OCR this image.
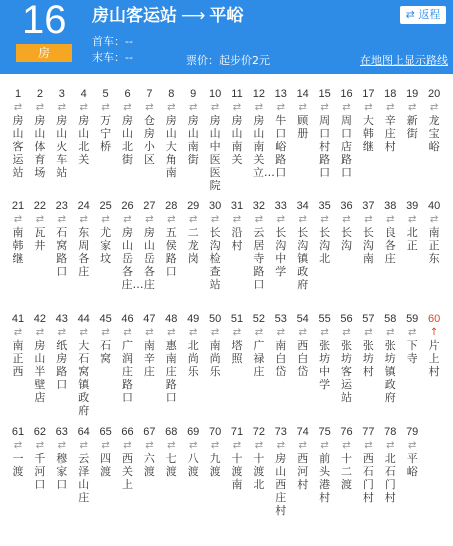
16
房
房山客运站 ⟶ 平峪	⇄ 返程
首车：--
末车：--	票价：起步价2元	在地图上显示路线
1
⇄
房山客运站
2
⇄
房山体育场
3
⇄
房山火车站
4
⇄
房山北关
5
⇄
万宁桥
6
⇄
房山北街
7
⇄
仓房小区
8
⇄
房山大角南
9
⇄
房山南街
10
⇄
房山中医医院
11
⇄
房山南关
12
⇄
房山南关立…
13
⇄
牛口峪路口
14
⇄
顾册
15
⇄
周口村路口
16
⇄
周口店路口
17
⇄
大韩继
18
⇄
辛庄村
19
⇄
新街
20
⇄
龙宝峪
21
⇄
南韩继
22
⇄
瓦井
23
⇄
石窝路口
24
⇄
东周各庄
25
⇄
尤家坟
26
⇄
房山岳各庄…
27
⇄
房山岳各庄
28
⇄
五侯路口
29
⇄
二龙岗
30
⇄
长沟检查站
31
⇄
沿村
32
⇄
云居寺路口
33
⇄
长沟中学
34
⇄
长沟镇政府
35
⇄
长沟北
36
⇄
长沟
37
⇄
长沟南
38
⇄
良各庄
39
⇄
北正
40
⇄
南正东
41
⇄
南正西
42
⇄
房山半壁店
43
⇄
纸房路口
44
⇄
大石窝镇政府
45
⇄
石窝
46
⇄
广润庄路口
47
⇄
南辛庄
48
⇄
惠南庄路口
49
⇄
北尚乐
50
⇄
南尚乐
51
⇄
塔照
52
⇄
广禄庄
53
⇄
南白岱
54
⇄
西白岱
55
⇄
张坊中学
56
⇄
张坊客运站
57
⇄
张坊村
58
⇄
张坊镇政府
59
⇄
下寺
60
↑
片上村
61
⇄
一渡
62
⇄
千河口
63
⇄
穆家口
64
⇄
云泽山庄
65
⇄
四渡
66
⇄
西关上
67
⇄
六渡
68
⇄
七渡
69
⇄
八渡
70
⇄
九渡
71
⇄
十渡南
72
⇄
十渡北
73
⇄
房山西庄村
74
⇄
西河村
75
⇄
前头港村
76
⇄
十二渡
77
⇄
西石门村
78
⇄
北石门村
79
⇄
平峪
